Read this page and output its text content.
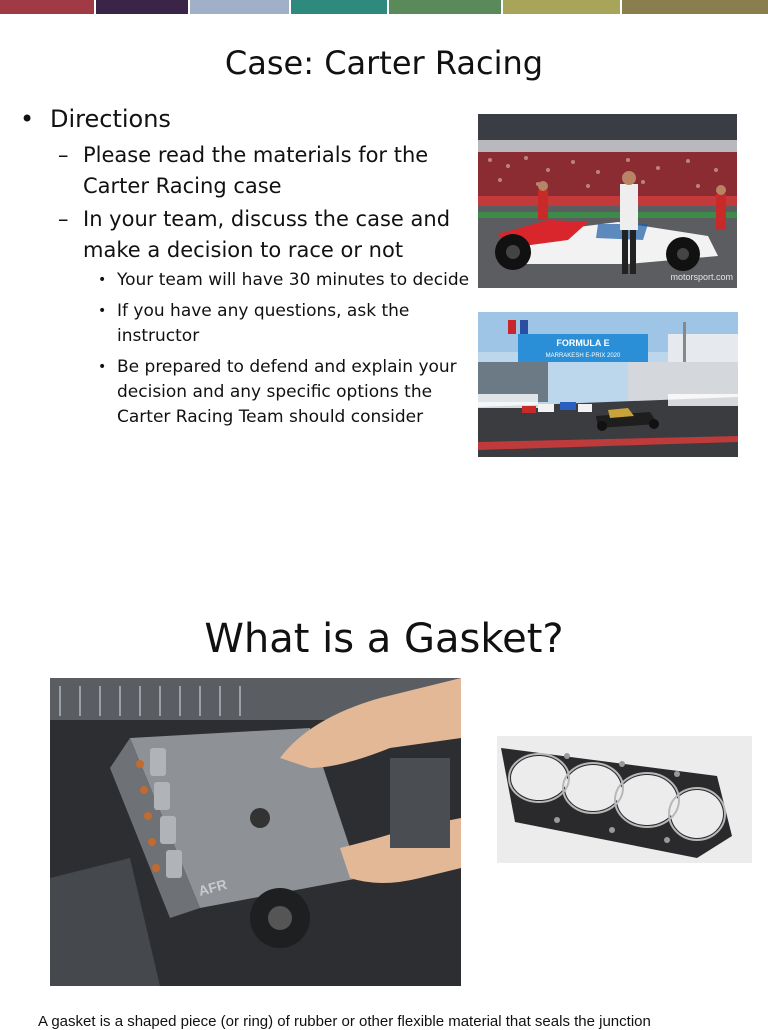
Case: Carter Racing
• Directions
– Please read the materials for the Carter Racing case
– In your team, discuss the case and make a decision to race or not
• Your team will have 30 minutes to decide
• If you have any questions, ask the instructor
• Be prepared to defend and explain your decision and any specific options the Carter Racing Team should consider
motorsport.com
FORMULA E
MARRAKESH E-PRIX 2020
What is a Gasket?
AFR
A gasket is a shaped piece (or ring) of rubber or other flexible material that seals the junction
